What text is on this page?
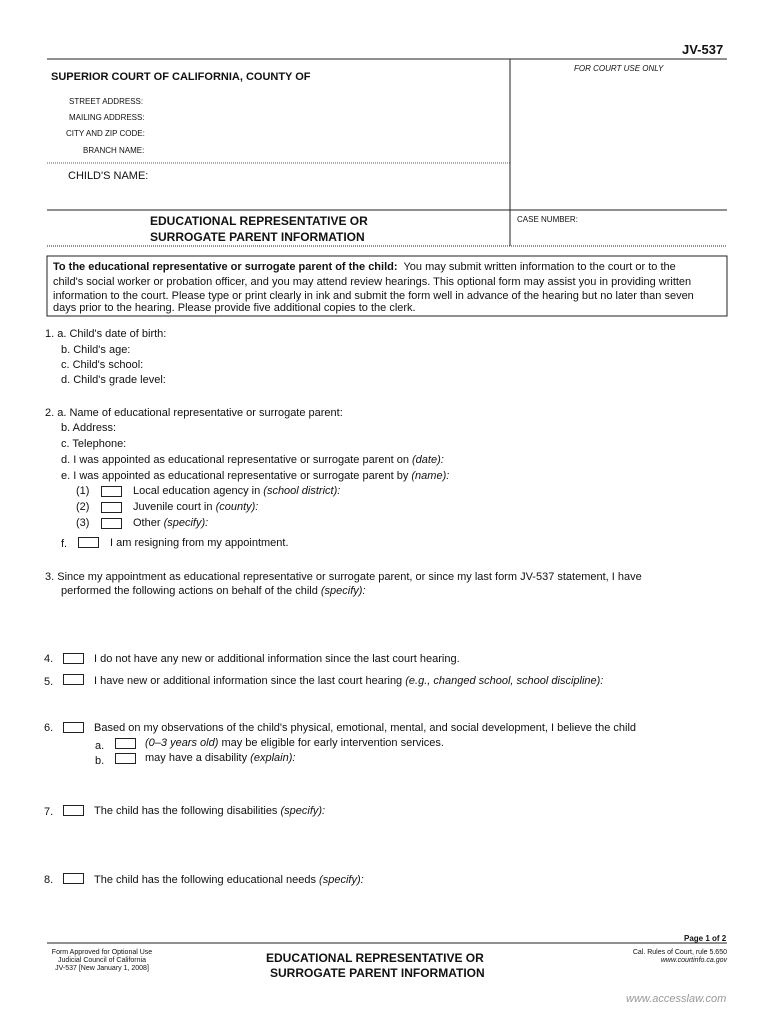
JV-537
SUPERIOR COURT OF CALIFORNIA, COUNTY OF
FOR COURT USE ONLY
STREET ADDRESS:
MAILING ADDRESS:
CITY AND ZIP CODE:
BRANCH NAME:
CHILD'S NAME:
CASE NUMBER:
EDUCATIONAL REPRESENTATIVE OR
SURROGATE PARENT INFORMATION
To the educational representative or surrogate parent of the child: You may submit written information to the court or to the
child's social worker or probation officer, and you may attend review hearings. This optional form may assist you in providing written
information to the court. Please type or print clearly in ink and submit the form well in advance of the hearing but no later than seven
days prior to the hearing. Please provide five additional copies to the clerk.
1. a. Child's date of birth:
b. Child's age:
c. Child's school:
d. Child's grade level:
2. a. Name of educational representative or surrogate parent:
b. Address:
c. Telephone:
d. I was appointed as educational representative or surrogate parent on (date):
e. I was appointed as educational representative or surrogate parent by (name):
(1)	Local education agency in (school district):
(2)	Juvenile court in (county):
(3)	Other (specify):
f.	I am resigning from my appointment.
3. Since my appointment as educational representative or surrogate parent, or since my last form JV-537 statement, I have
performed the following actions on behalf of the child (specify):
4.	I do not have any new or additional information since the last court hearing.
5.	I have new or additional information since the last court hearing (e.g., changed school, school discipline):
6.	Based on my observations of the child's physical, emotional, mental, and social development, I believe the child
a.	(0–3 years old) may be eligible for early intervention services.
b.	may have a disability (explain):
7.	The child has the following disabilities (specify):
8.	The child has the following educational needs (specify):
Page 1 of 2
Form Approved for Optional Use
Judicial Council of California
JV-537 [New January 1, 2008]
EDUCATIONAL REPRESENTATIVE OR
SURROGATE PARENT INFORMATION
Cal. Rules of Court, rule 5.650
www.courtinfo.ca.gov
www.accesslaw.com
